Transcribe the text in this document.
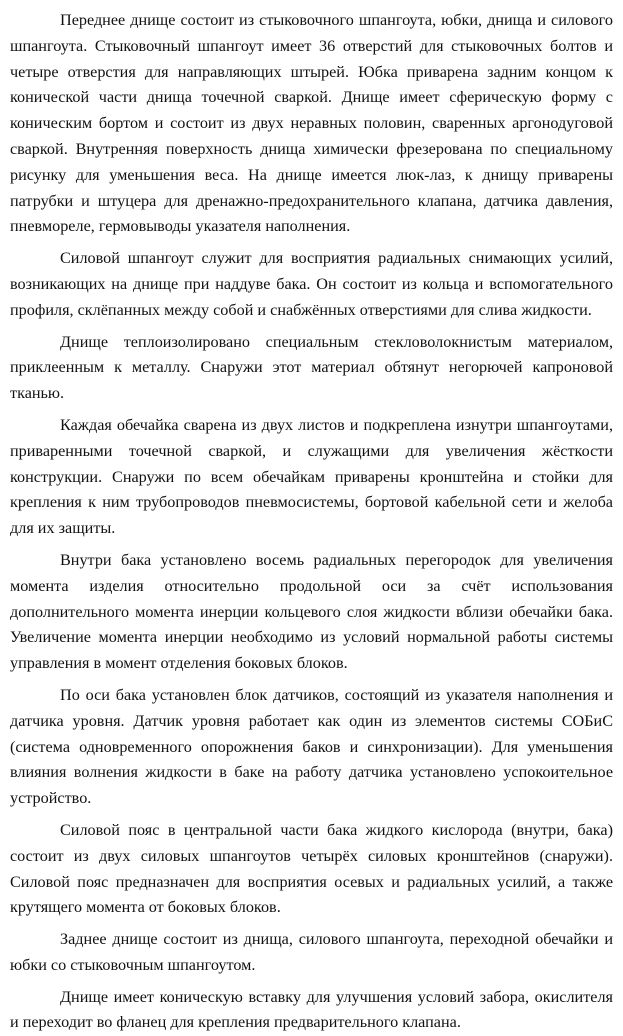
Переднее днище состоит из стыковочного шпангоута, юбки, днища и силового шпангоута. Стыковочный шпангоут имеет 36 отверстий для стыковочных болтов и четыре отверстия для направляющих штырей. Юбка приварена задним концом к конической части днища точечной сваркой. Днище имеет сферическую форму с коническим бортом и состоит из двух неравных половин, сваренных аргонодуговой сваркой. Внутренняя поверхность днища химически фрезерована по специальному рисунку для уменьшения веса. На днище имеется люк-лаз, к днищу приварены патрубки и штуцера для дренажно-предохранительного клапана, датчика давления, пневмореле, гермовыводы указателя наполнения.

Силовой шпангоут служит для восприятия радиальных снимающих усилий, возникающих на днище при наддуве бака. Он состоит из кольца и вспомогательного профиля, склёпанных между собой и снабжённых отверстиями для слива жидкости.

Днище теплоизолировано специальным стекловолокнистым материалом, приклеенным к металлу. Снаружи этот материал обтянут негорючей капроновой тканью.

Каждая обечайка сварена из двух листов и подкреплена изнутри шпангоутами, приваренными точечной сваркой, и служащими для увеличения жёсткости конструкции. Снаружи по всем обечайкам приварены кронштейна и стойки для крепления к ним трубопроводов пневмосистемы, бортовой кабельной сети и желоба для их защиты.

Внутри бака установлено восемь радиальных перегородок для увеличения момента изделия относительно продольной оси за счёт использования дополнительного момента инерции кольцевого слоя жидкости вблизи обечайки бака. Увеличение момента инерции необходимо из условий нормальной работы системы управления в момент отделения боковых блоков.

По оси бака установлен блок датчиков, состоящий из указателя наполнения и датчика уровня. Датчик уровня работает как один из элементов системы СОБиС (система одновременного опорожнения баков и синхронизации). Для уменьшения влияния волнения жидкости в баке на работу датчика установлено успокоительное устройство.

Силовой пояс в центральной части бака жидкого кислорода (внутри, бака) состоит из двух силовых шпангоутов четырёх силовых кронштейнов (снаружи). Силовой пояс предназначен для восприятия осевых и радиальных усилий, а также крутящего момента от боковых блоков.

Заднее днище состоит из днища, силового шпангоута, переходной обечайки и юбки со стыковочным шпангоутом.

Днище имеет коническую вставку для улучшения условий забора, окислителя и переходит во фланец для крепления предварительного клапана.
